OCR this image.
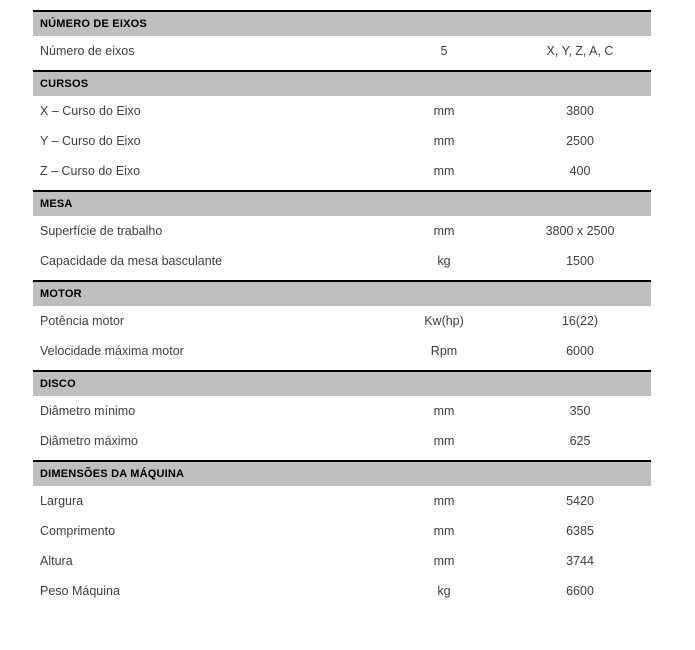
NÚMERO DE EIXOS
Número de eixos	5	X, Y, Z, A, C
CURSOS
X – Curso do Eixo	mm	3800
Y – Curso do Eixo	mm	2500
Z – Curso do Eixo	mm	400
MESA
Superfície de trabalho	mm	3800 x 2500
Capacidade da mesa basculante	kg	1500
MOTOR
Potência motor	Kw(hp)	16(22)
Velocidade máxima motor	Rpm	6000
DISCO
Diâmetro mínimo	mm	350
Diâmetro máximo	mm	625
DIMENSÕES DA MÁQUINA
Largura	mm	5420
Comprimento	mm	6385
Altura	mm	3744
Peso Máquina	kg	6600
